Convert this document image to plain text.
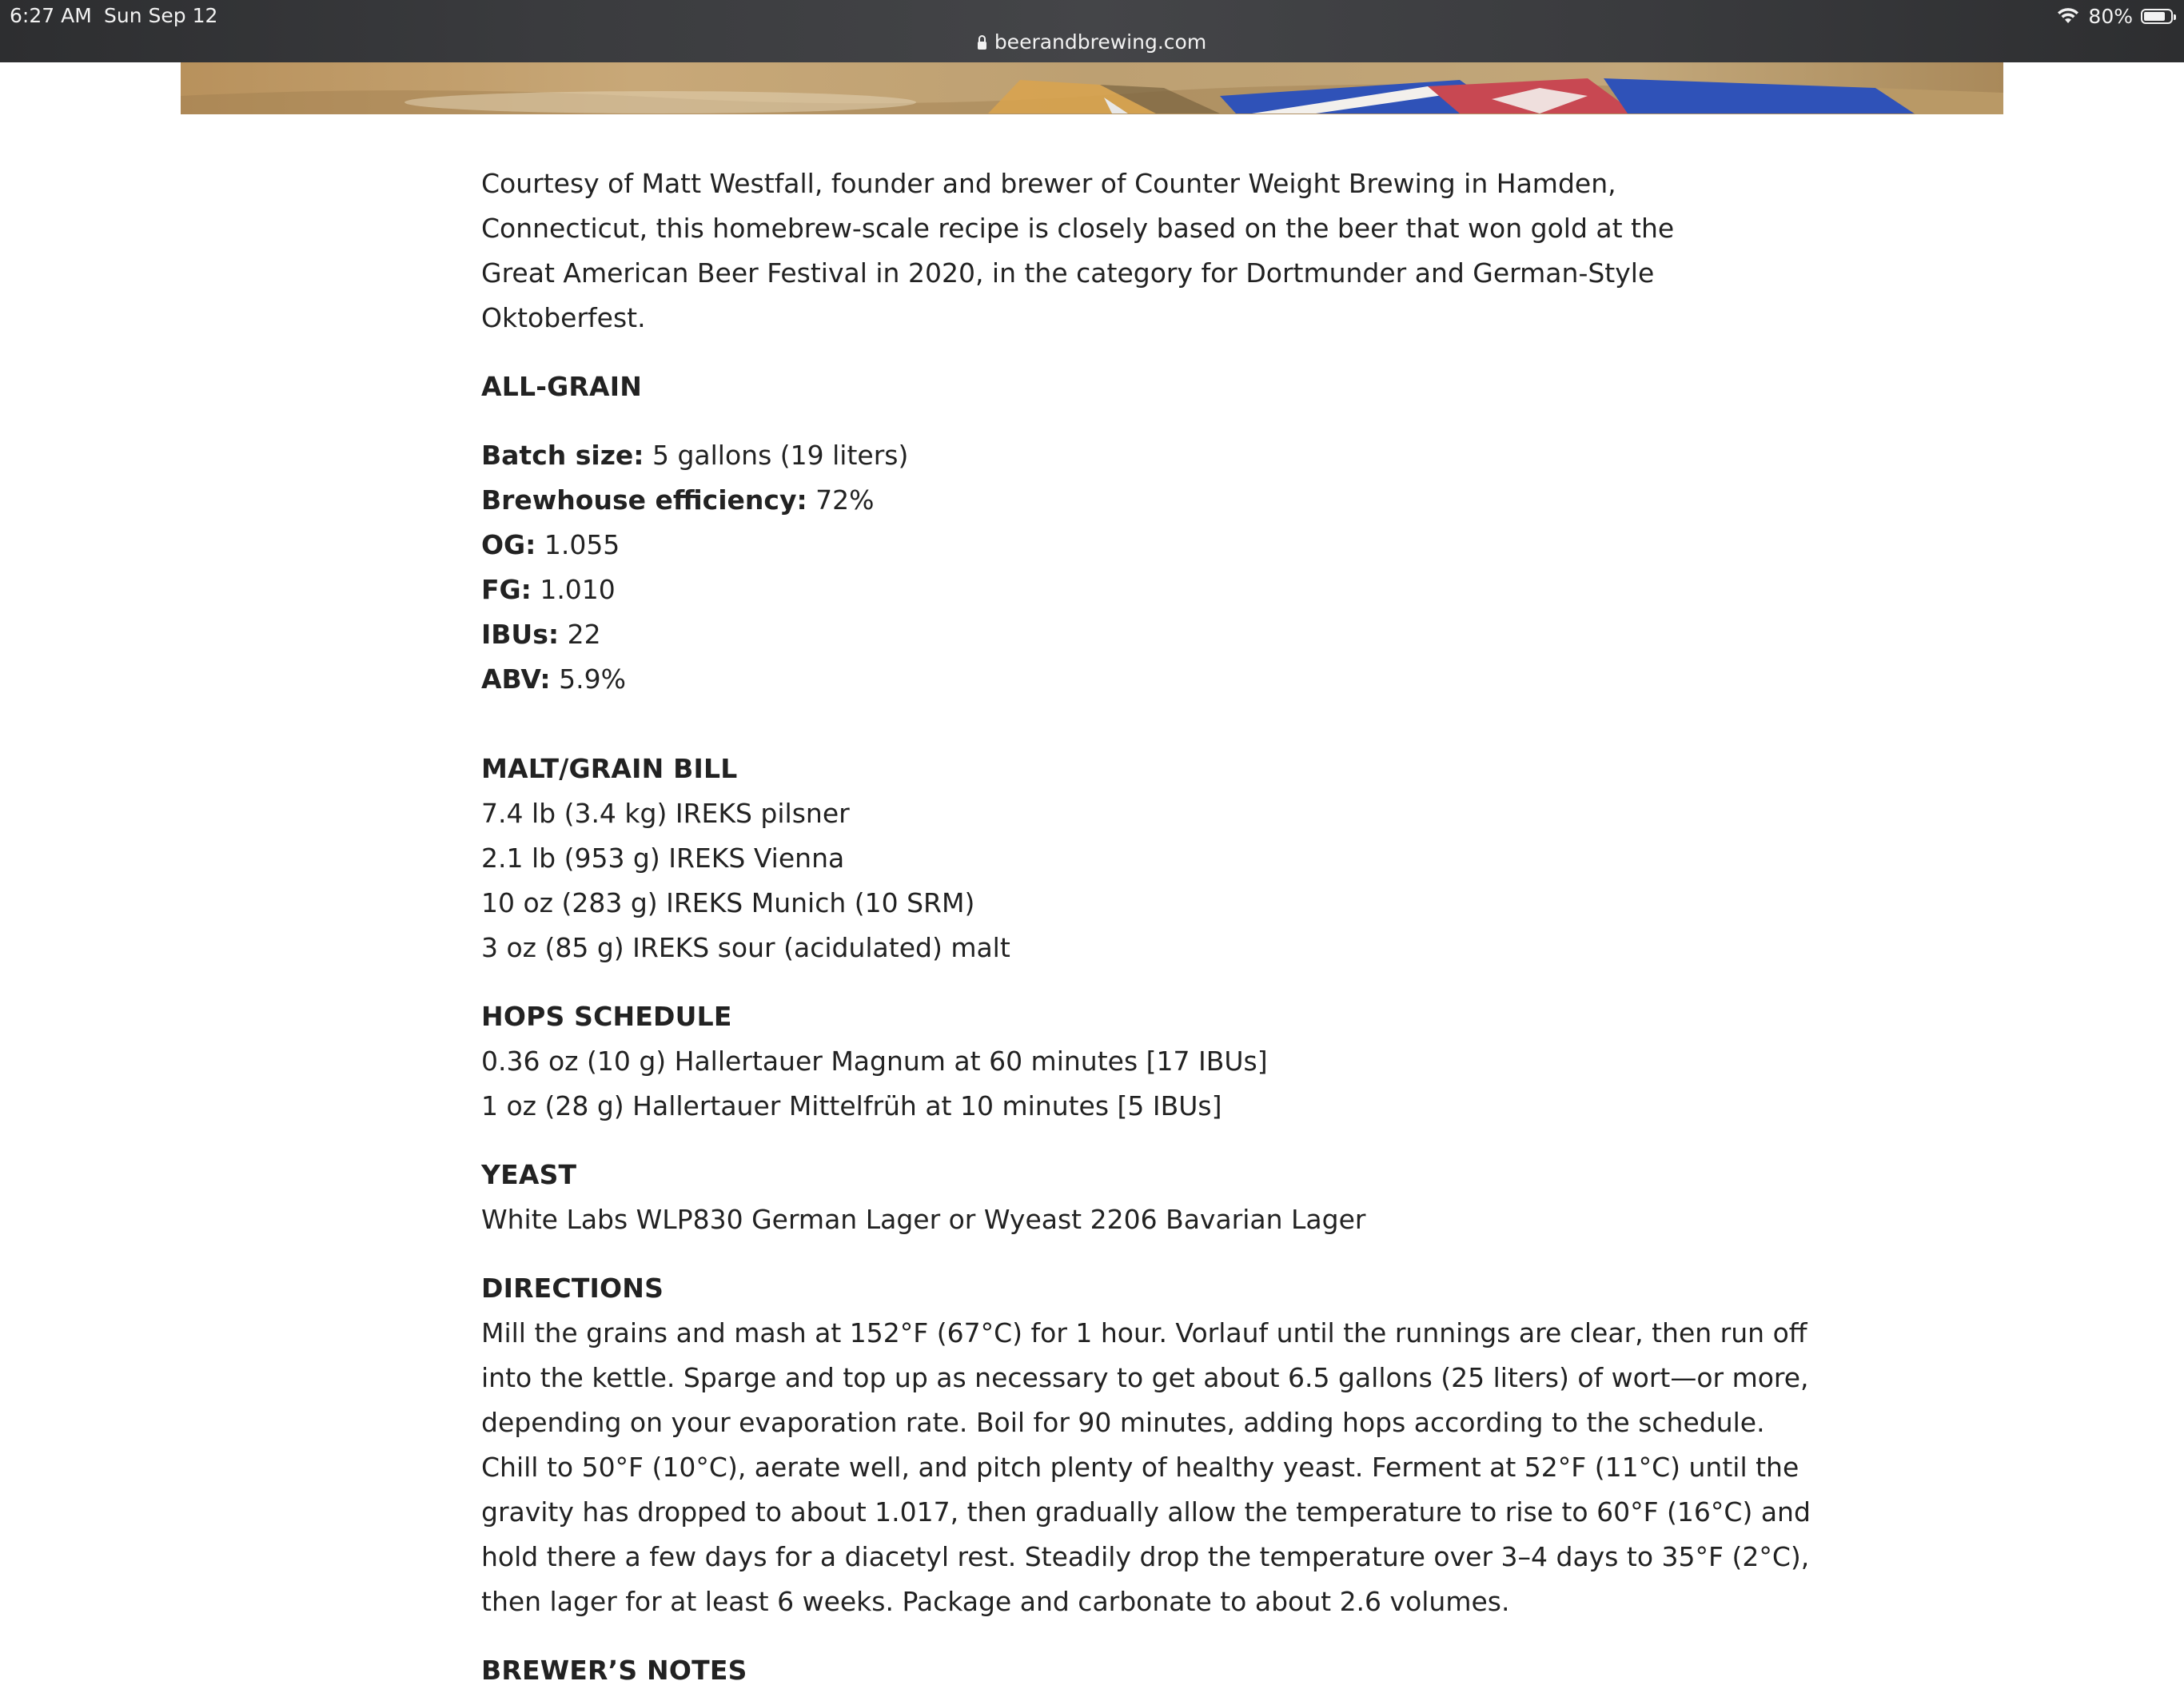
6:27 AM Sun Sep 12
beerandbrewing.com
80%

Courtesy of Matt Westfall, founder and brewer of Counter Weight Brewing in Hamden, Connecticut, this homebrew-scale recipe is closely based on the beer that won gold at the Great American Beer Festival in 2020, in the category for Dortmunder and German-Style Oktoberfest.

ALL-GRAIN

Batch size: 5 gallons (19 liters)
Brewhouse efficiency: 72%
OG: 1.055
FG: 1.010
IBUs: 22
ABV: 5.9%

MALT/GRAIN BILL

7.4 lb (3.4 kg) IREKS pilsner

2.1 lb (953 g) IREKS Vienna

10 oz (283 g) IREKS Munich (10 SRM)

3 oz (85 g) IREKS sour (acidulated) malt

HOPS SCHEDULE

0.36 oz (10 g) Hallertauer Magnum at 60 minutes [17 IBUs]

1 oz (28 g) Hallertauer Mittelfrüh at 10 minutes [5 IBUs]

YEAST

White Labs WLP830 German Lager or Wyeast 2206 Bavarian Lager

DIRECTIONS

Mill the grains and mash at 152°F (67°C) for 1 hour. Vorlauf until the runnings are clear, then run off

into the kettle. Sparge and top up as necessary to get about 6.5 gallons (25 liters) of wort—or more,

depending on your evaporation rate. Boil for 90 minutes, adding hops according to the schedule.

Chill to 50°F (10°C), aerate well, and pitch plenty of healthy yeast. Ferment at 52°F (11°C) until the

gravity has dropped to about 1.017, then gradually allow the temperature to rise to 60°F (16°C) and

hold there a few days for a diacetyl rest. Steadily drop the temperature over 3–4 days to 35°F (2°C),

then lager for at least 6 weeks. Package and carbonate to about 2.6 volumes.

BREWER’S NOTES
